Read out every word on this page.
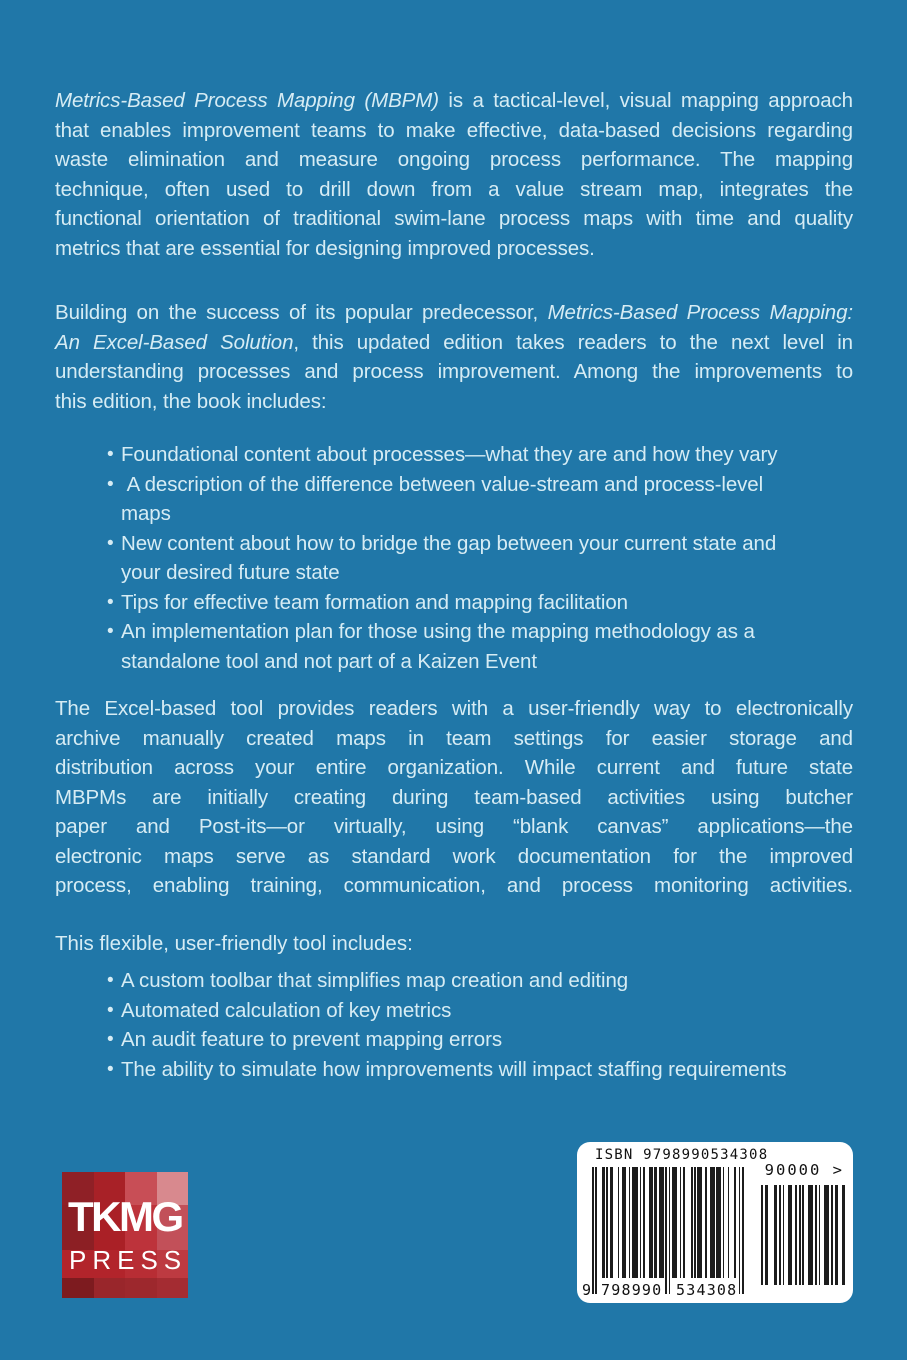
Metrics-Based Process Mapping (MBPM) is a tactical-level, visual mapping approach
that enables improvement teams to make effective, data-based decisions regarding
waste elimination and measure ongoing process performance. The mapping
technique, often used to drill down from a value stream map, integrates the
functional orientation of traditional swim-lane process maps with time and quality
metrics that are essential for designing improved processes.
Building on the success of its popular predecessor, Metrics-Based Process Mapping:
An Excel-Based Solution, this updated edition takes readers to the next level in
understanding processes and process improvement. Among the improvements to
this edition, the book includes:
• Foundational content about processes—what they are and how they vary
•  A description of the difference between value-stream and process-level
maps
• New content about how to bridge the gap between your current state and
your desired future state
• Tips for effective team formation and mapping facilitation
• An implementation plan for those using the mapping methodology as a
standalone tool and not part of a Kaizen Event
The Excel-based tool provides readers with a user-friendly way to electronically
archive manually created maps in team settings for easier storage and
distribution across your entire organization. While current and future state
MBPMs are initially creating during team-based activities using butcher
paper and Post-its—or virtually, using “blank canvas” applications—the
electronic maps serve as standard work documentation for the improved
process, enabling training, communication, and process monitoring activities.
This flexible, user-friendly tool includes:
• A custom toolbar that simplifies map creation and editing
• Automated calculation of key metrics
• An audit feature to prevent mapping errors
• The ability to simulate how improvements will impact staffing requirements
TKMG
PRESS
ISBN 9798990534308
9 798990 534308
90000 >
